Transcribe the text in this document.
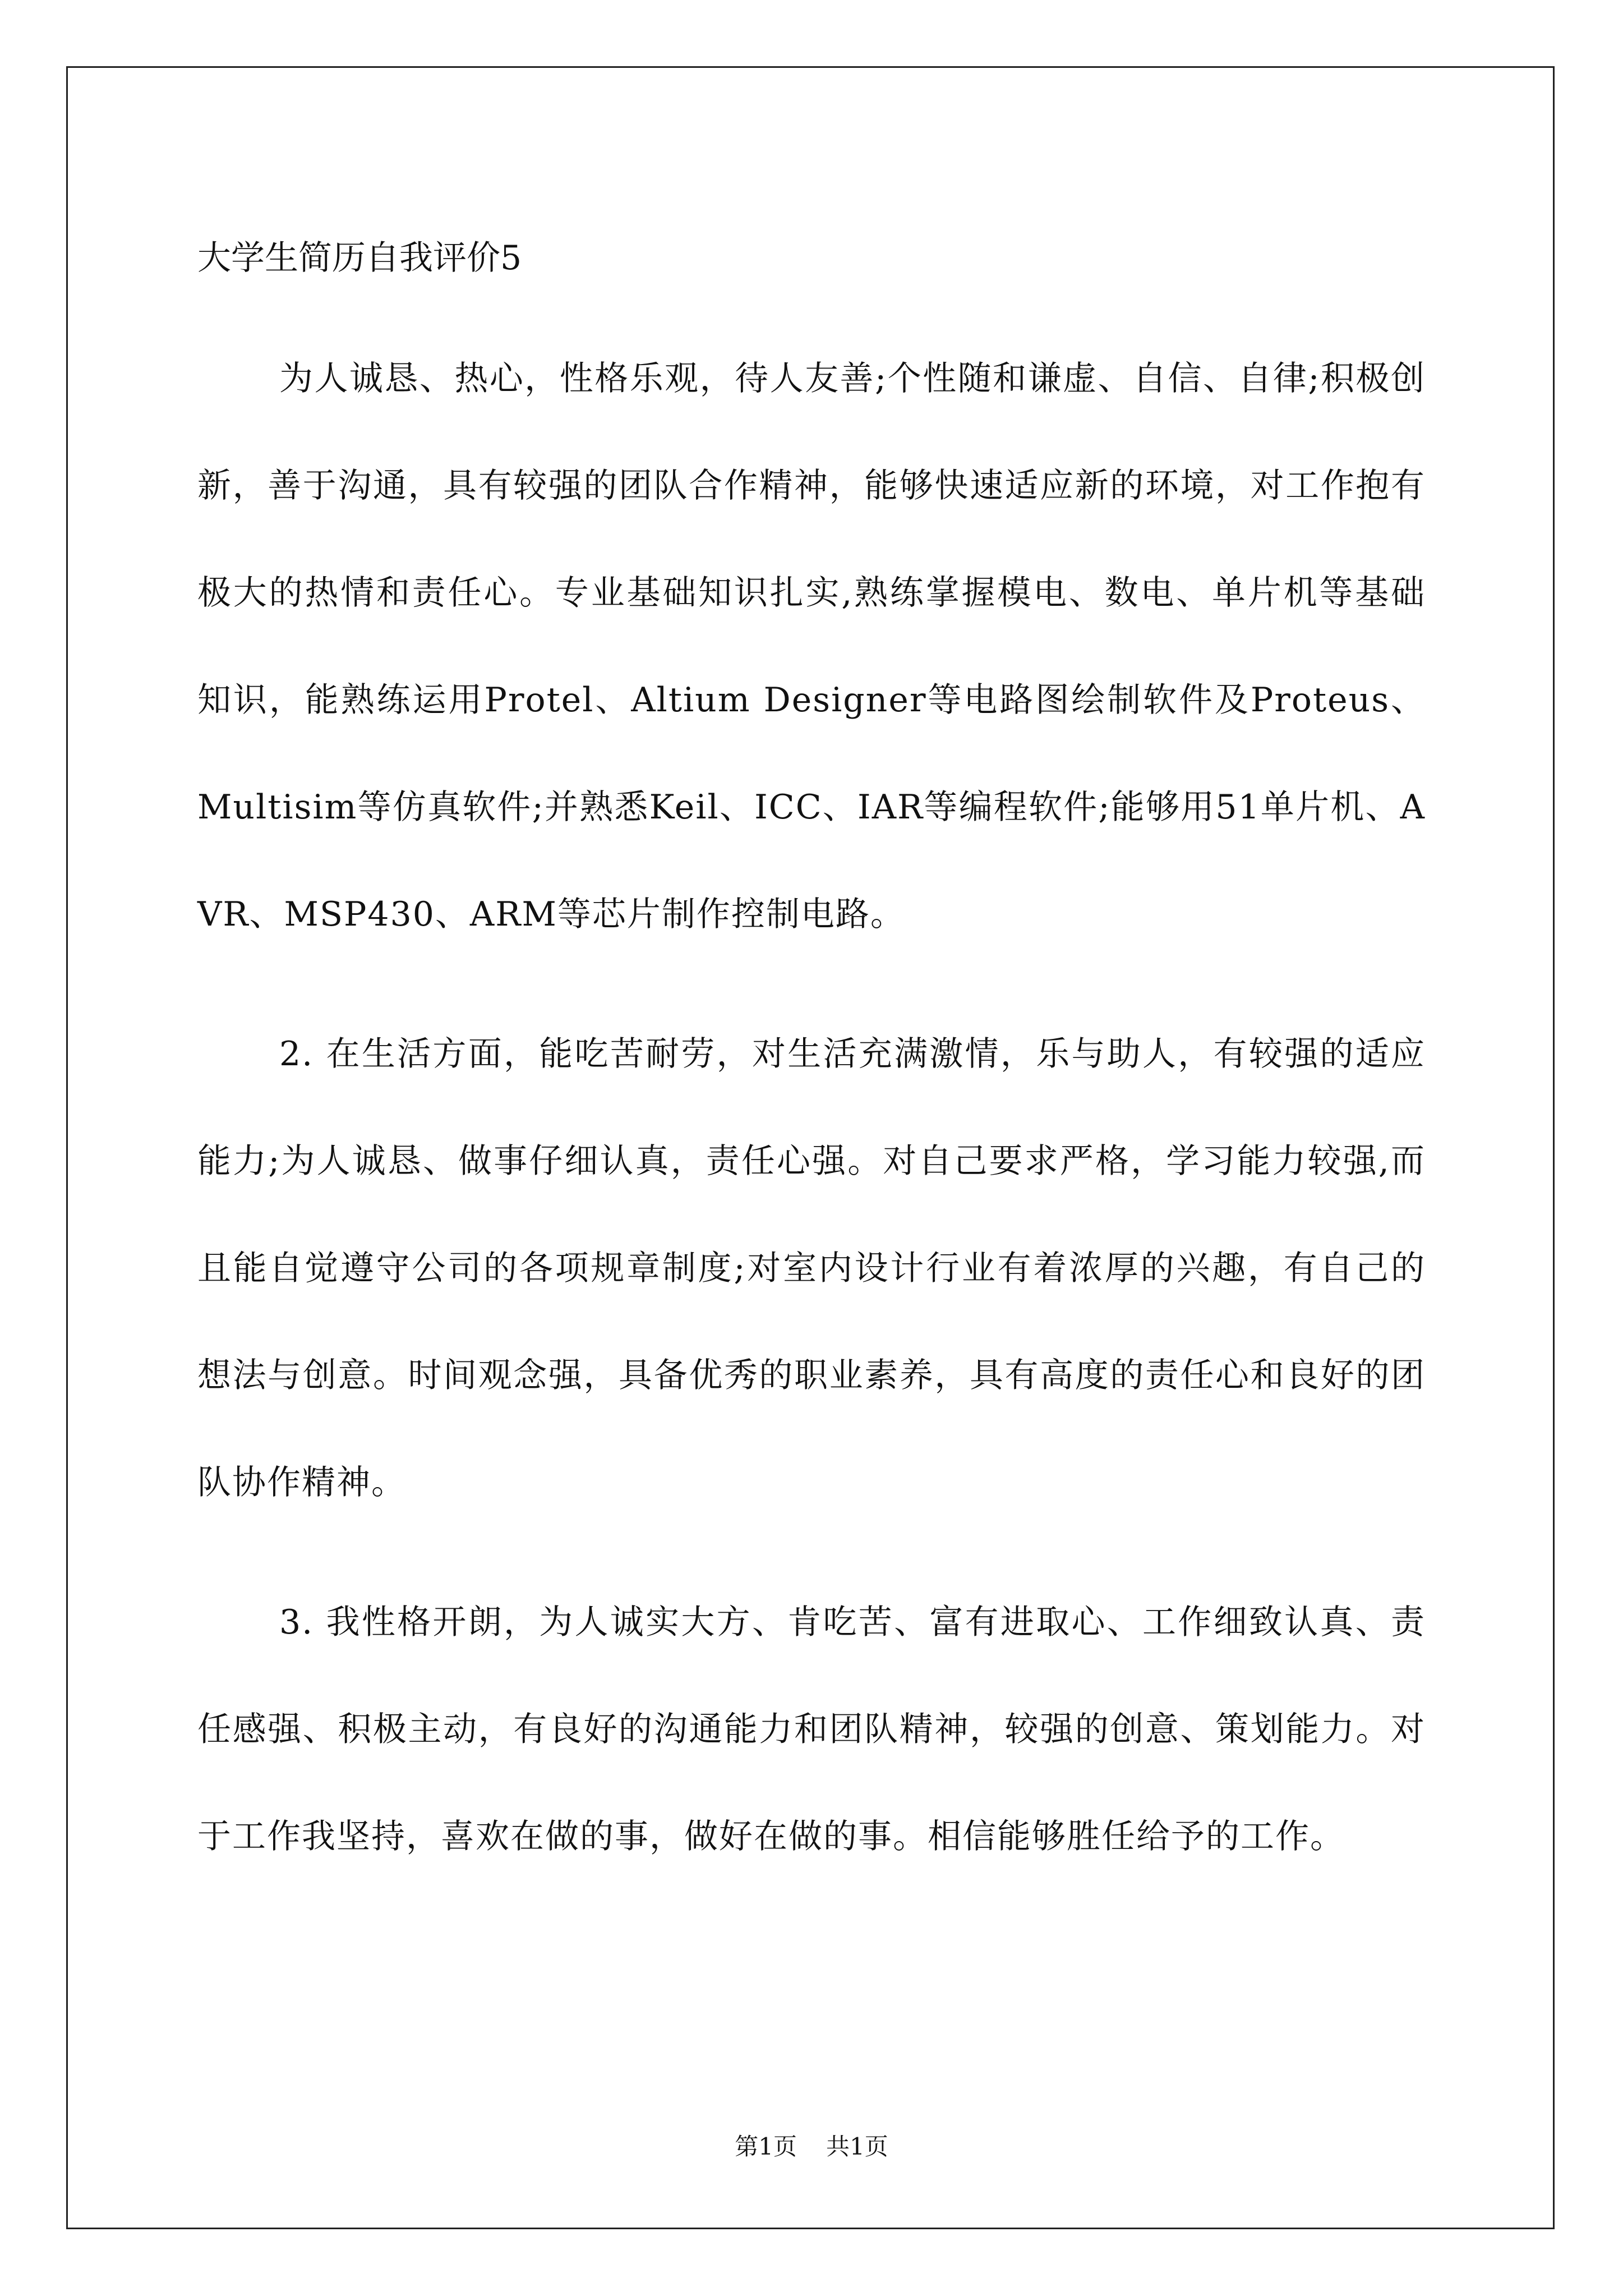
大学生简历自我评价5

为人诚恳、热心，性格乐观，待人友善;个性随和谦虚、自信、自律;积极创新，善于沟通，具有较强的团队合作精神，能够快速适应新的环境，对工作抱有极大的热情和责任心。专业基础知识扎实,熟练掌握模电、数电、单片机等基础知识，能熟练运用Protel、Altium Designer等电路图绘制软件及Proteus、Multisim等仿真软件;并熟悉Keil、ICC、IAR等编程软件;能够用51单片机、AVR、MSP430、ARM等芯片制作控制电路。

2. 在生活方面，能吃苦耐劳，对生活充满激情，乐与助人，有较强的适应能力;为人诚恳、做事仔细认真，责任心强。对自己要求严格，学习能力较强,而且能自觉遵守公司的各项规章制度;对室内设计行业有着浓厚的兴趣，有自己的想法与创意。时间观念强，具备优秀的职业素养，具有高度的责任心和良好的团队协作精神。

3. 我性格开朗，为人诚实大方、肯吃苦、富有进取心、工作细致认真、责任感强、积极主动，有良好的沟通能力和团队精神，较强的创意、策划能力。对于工作我坚持，喜欢在做的事，做好在做的事。相信能够胜任给予的工作。

第1页 共1页
